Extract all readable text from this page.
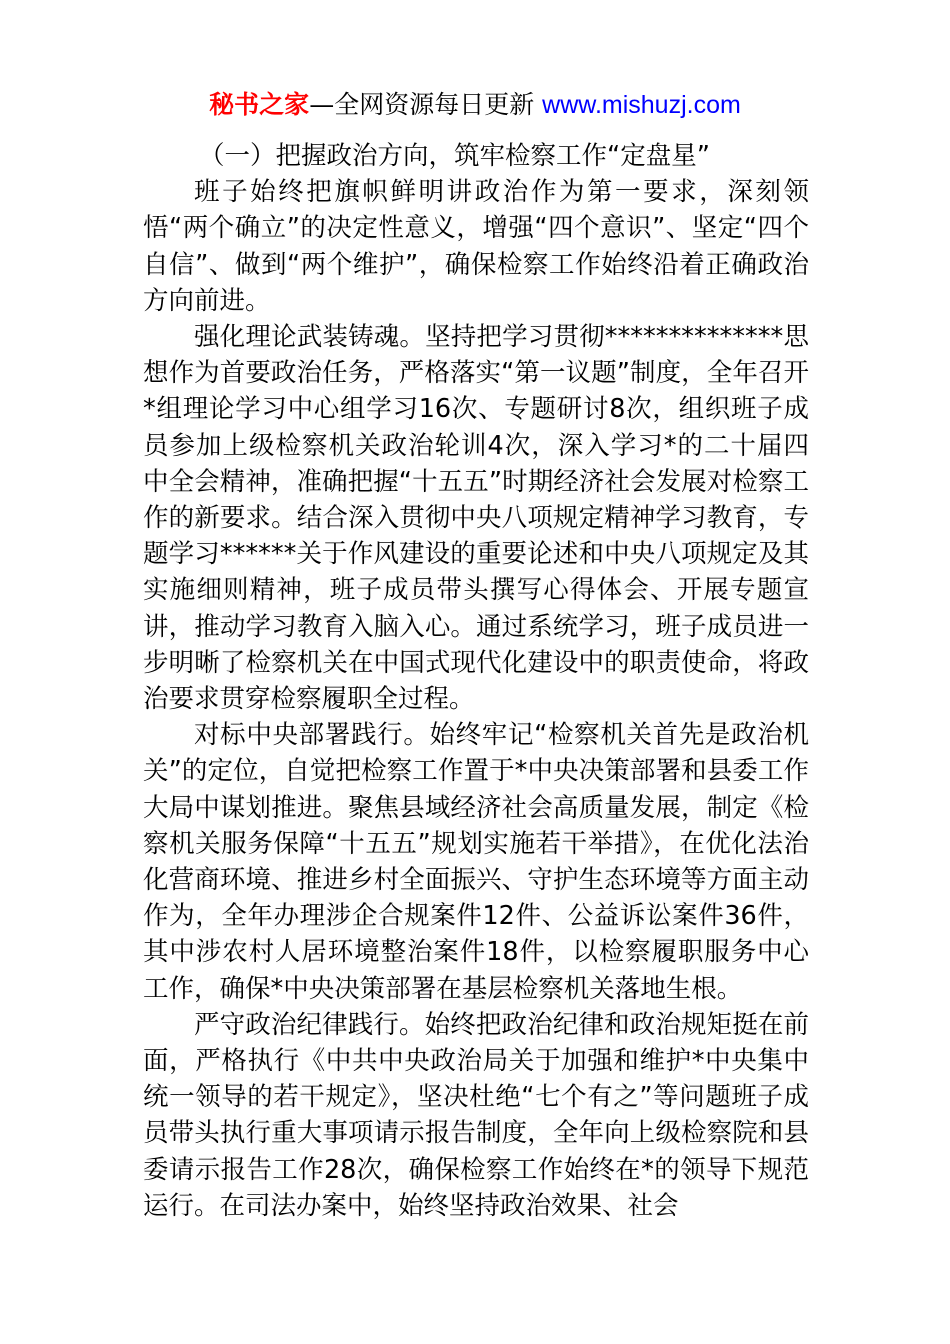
秘书之家—全网资源每日更新 www.mishuzj.com
（一）把握政治方向，筑牢检察工作“定盘星”

班子始终把旗帜鲜明讲政治作为第一要求，深刻领悟“两个确立”的决定性意义，增强“四个意识”、坚定“四个自信”、做到“两个维护”，确保检察工作始终沿着正确政治方向前进。

强化理论武装铸魂。坚持把学习贯彻**************思想作为首要政治任务，严格落实“第一议题”制度，全年召开*组理论学习中心组学习16次、专题研讨8次，组织班子成员参加上级检察机关政治轮训4次，深入学习*的二十届四中全会精神，准确把握“十五五”时期经济社会发展对检察工作的新要求。结合深入贯彻中央八项规定精神学习教育，专题学习******关于作风建设的重要论述和中央八项规定及其实施细则精神，班子成员带头撰写心得体会、开展专题宣讲，推动学习教育入脑入心。通过系统学习，班子成员进一步明晰了检察机关在中国式现代化建设中的职责使命，将政治要求贯穿检察履职全过程。

对标中央部署践行。始终牢记“检察机关首先是政治机关”的定位，自觉把检察工作置于*中央决策部署和县委工作大局中谋划推进。聚焦县域经济社会高质量发展，制定《检察机关服务保障“十五五”规划实施若干举措》，在优化法治化营商环境、推进乡村全面振兴、守护生态环境等方面主动作为，全年办理涉企合规案件12件、公益诉讼案件36件，其中涉农村人居环境整治案件18件，以检察履职服务中心工作，确保*中央决策部署在基层检察机关落地生根。

严守政治纪律践行。始终把政治纪律和政治规矩挺在前面，严格执行《中共中央政治局关于加强和维护*中央集中统一领导的若干规定》，坚决杜绝“七个有之”等问题班子成员带头执行重大事项请示报告制度，全年向上级检察院和县委请示报告工作28次，确保检察工作始终在*的领导下规范运行。在司法办案中，始终坚持政治效果、社会
